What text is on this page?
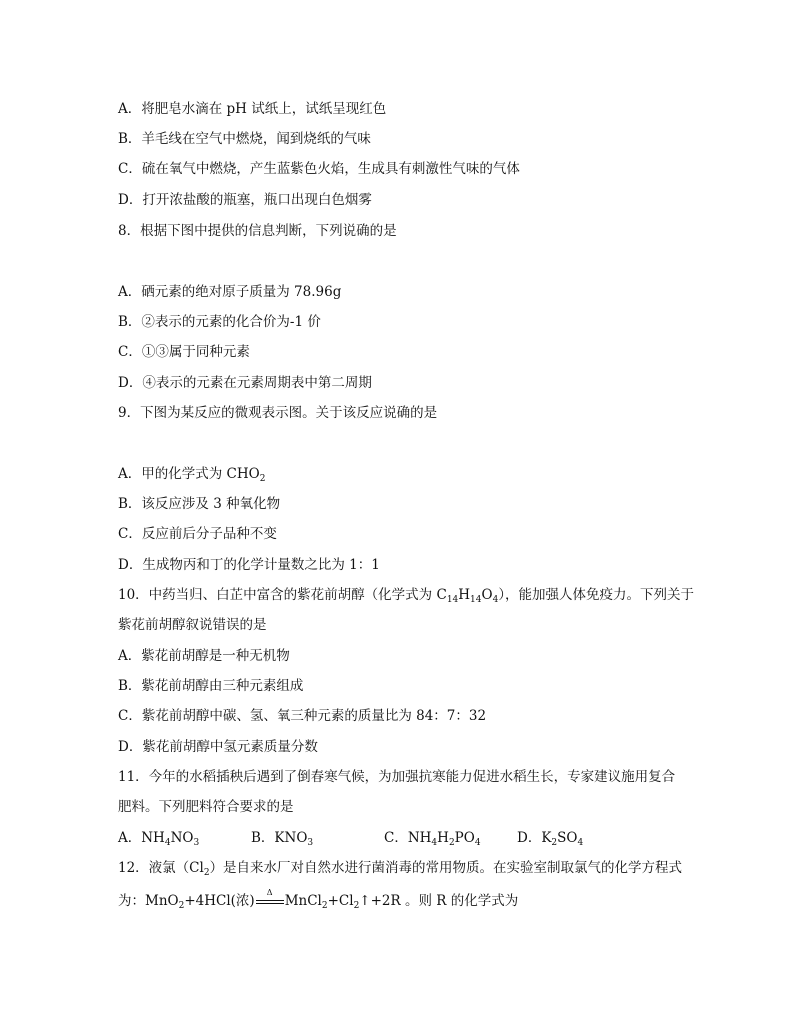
A．将肥皂水滴在 pH 试纸上，试纸呈现红色
B．羊毛线在空气中燃烧，闻到烧纸的气味
C．硫在氧气中燃烧，产生蓝紫色火焰，生成具有刺激性气味的气体
D．打开浓盐酸的瓶塞，瓶口出现白色烟雾
8．根据下图中提供的信息判断，下列说确的是
A．硒元素的绝对原子质量为 78.96g
B．②表示的元素的化合价为-1 价
C．①③属于同种元素
D．④表示的元素在元素周期表中第二周期
9．下图为某反应的微观表示图。关于该反应说确的是
A．甲的化学式为 $CHO_2$
B．该反应涉及 3 种氧化物
C．反应前后分子品种不变
D．生成物丙和丁的化学计量数之比为 1：1
10．中药当归、白芷中富含的紫花前胡醇（化学式为 $C_{14}H_{14}O_4$），能加强人体免疫力。下列关于
紫花前胡醇叙说错误的是
A．紫花前胡醇是一种无机物
B．紫花前胡醇由三种元素组成
C．紫花前胡醇中碳、氢、氧三种元素的质量比为 84：7：32
D．紫花前胡醇中氢元素质量分数
11．今年的水稻插秧后遇到了倒春寒气候，为加强抗寒能力促进水稻生长，专家建议施用复合
肥料。下列肥料符合要求的是
A．$NH_4NO_3$	B．$KNO_3$	C．$NH_4H_2PO_4$	D．$K_2SO_4$
12．液氯$(Cl_2)$是自来水厂对自然水进行菌消毒的常用物质。在实验室制取氯气的化学方程式
为：MnO$_2$+4HCl(浓)
Δ
$MnCl_2+Cl_2↑+2R$ 。则 R 的化学式为
